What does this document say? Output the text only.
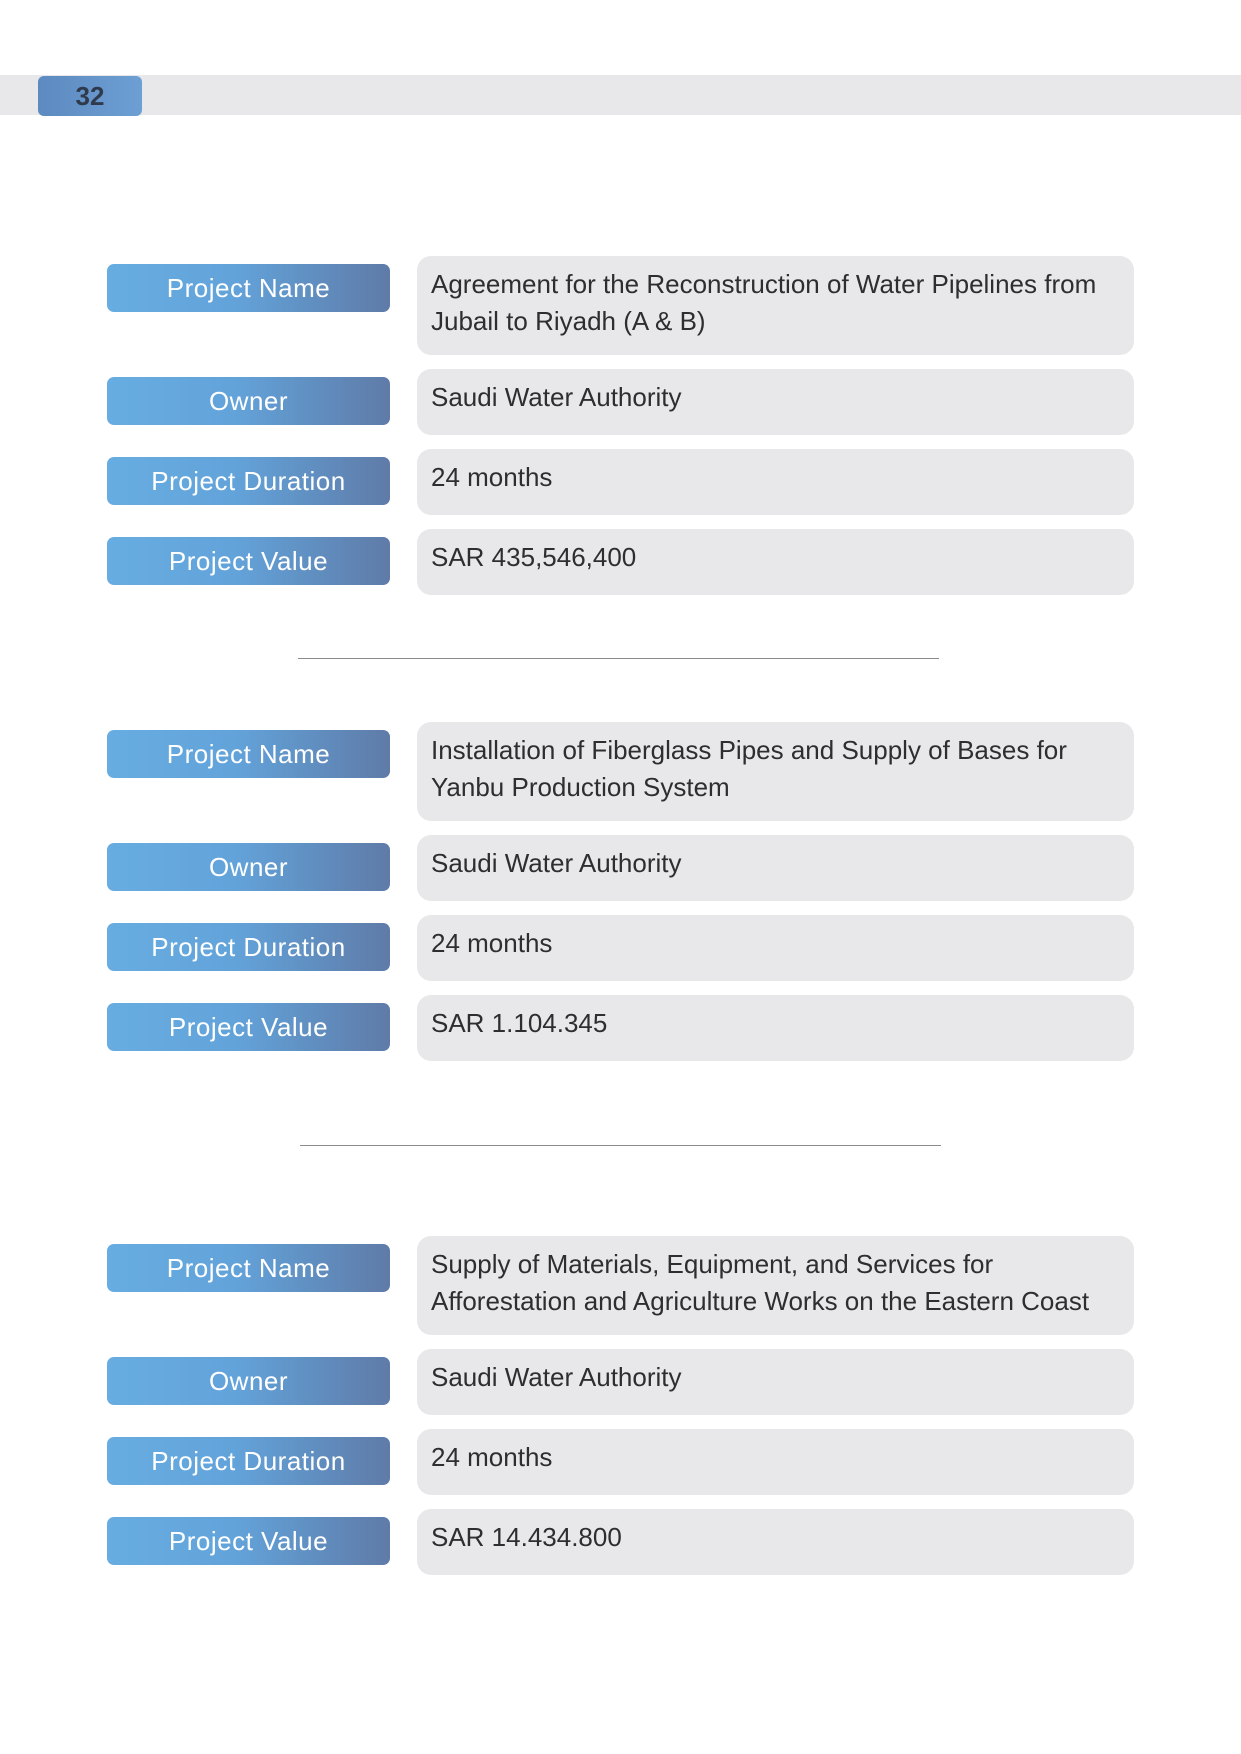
32
Project Name	Agreement for the Reconstruction of Water Pipelines from Jubail to Riyadh (A & B)
Owner	Saudi Water Authority
Project Duration	24 months
Project Value	SAR 435,546,400
Project Name	Installation of Fiberglass Pipes and Supply of Bases for Yanbu Production System
Owner	Saudi Water Authority
Project Duration	24 months
Project Value	SAR 1.104.345
Project Name	Supply of Materials, Equipment, and Services for Afforestation and Agriculture Works on the Eastern Coast
Owner	Saudi Water Authority
Project Duration	24 months
Project Value	SAR 14.434.800
